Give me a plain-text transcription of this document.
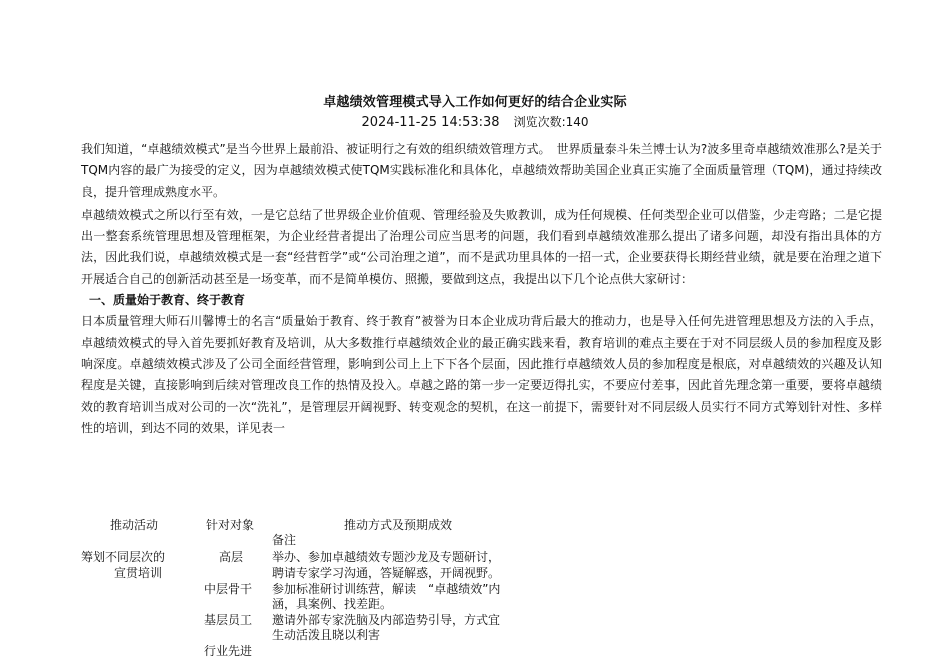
卓越绩效管理模式导入工作如何更好的结合企业实际
2024-11-25 14:53:38 浏览次数:140

我们知道，“卓越绩效模式”是当今世界上最前沿、被证明行之有效的组织绩效管理方式。　世界质量泰斗朱兰博士认为?波多里奇卓越绩效准那么?是关于TQM内容的最广为接受的定义，因为卓越绩效模式使TQM实践标准化和具体化，卓越绩效帮助美国企业真正实施了全面质量管理（TQM)，通过持续改良，提升管理成熟度水平。

卓越绩效模式之所以行至有效，一是它总结了世界级企业价值观、管理经验及失败教训，成为任何规模、任何类型企业可以借鉴，少走弯路；二是它提出一整套系统管理思想及管理框架，为企业经营者提出了治理公司应当思考的问题，我们看到卓越绩效准那么提出了诸多问题，却没有指出具体的方法，因此我们说，卓越绩效模式是一套“经营哲学”或“公司治理之道”，而不是武功里具体的一招一式，企业要获得长期经营业绩，就是要在治理之道下开展适合自己的创新活动甚至是一场变革，而不是简单模仿、照搬，要做到这点，我提出以下几个论点供大家研讨：

一、质量始于教育、终于教育

日本质量管理大师石川馨博士的名言“质量始于教育、终于教育”被誉为日本企业成功背后最大的推动力，也是导入任何先进管理思想及方法的入手点，卓越绩效模式的导入首先要抓好教育及培训，从大多数推行卓越绩效企业的最正确实践来看，教育培训的难点主要在于对不同层级人员的参加程度及影响深度。卓越绩效模式涉及了公司全面经营管理，影响到公司上上下下各个层面，因此推行卓越绩效人员的参加程度是根底，对卓越绩效的兴趣及认知程度是关键，直接影响到后续对管理改良工作的热情及投入。卓越之路的第一步一定要迈得扎实，不要应付差事，因此首先理念第一重要，要将卓越绩效的教育培训当成对公司的一次“洗礼”，是管理层开阔视野、转变观念的契机，在这一前提下，需要针对不同层级人员实行不同方式筹划针对性、多样性的培训，到达不同的效果，详见表一

推动活动	针对对象	推动方式及预期成效
备注
筹划不同层次的
宣贯培训
高层 举办、参加卓越绩效专题沙龙及专题研讨，
聘请专家学习沟通，答疑解惑，开阔视野。
中层骨干 参加标准研讨训练营，解读　“卓越绩效”内
涵，具案例、找差距。
基层员工 邀请外部专家洗脑及内部造势引导，方式宜
生动活泼且晓以利害
行业先进
